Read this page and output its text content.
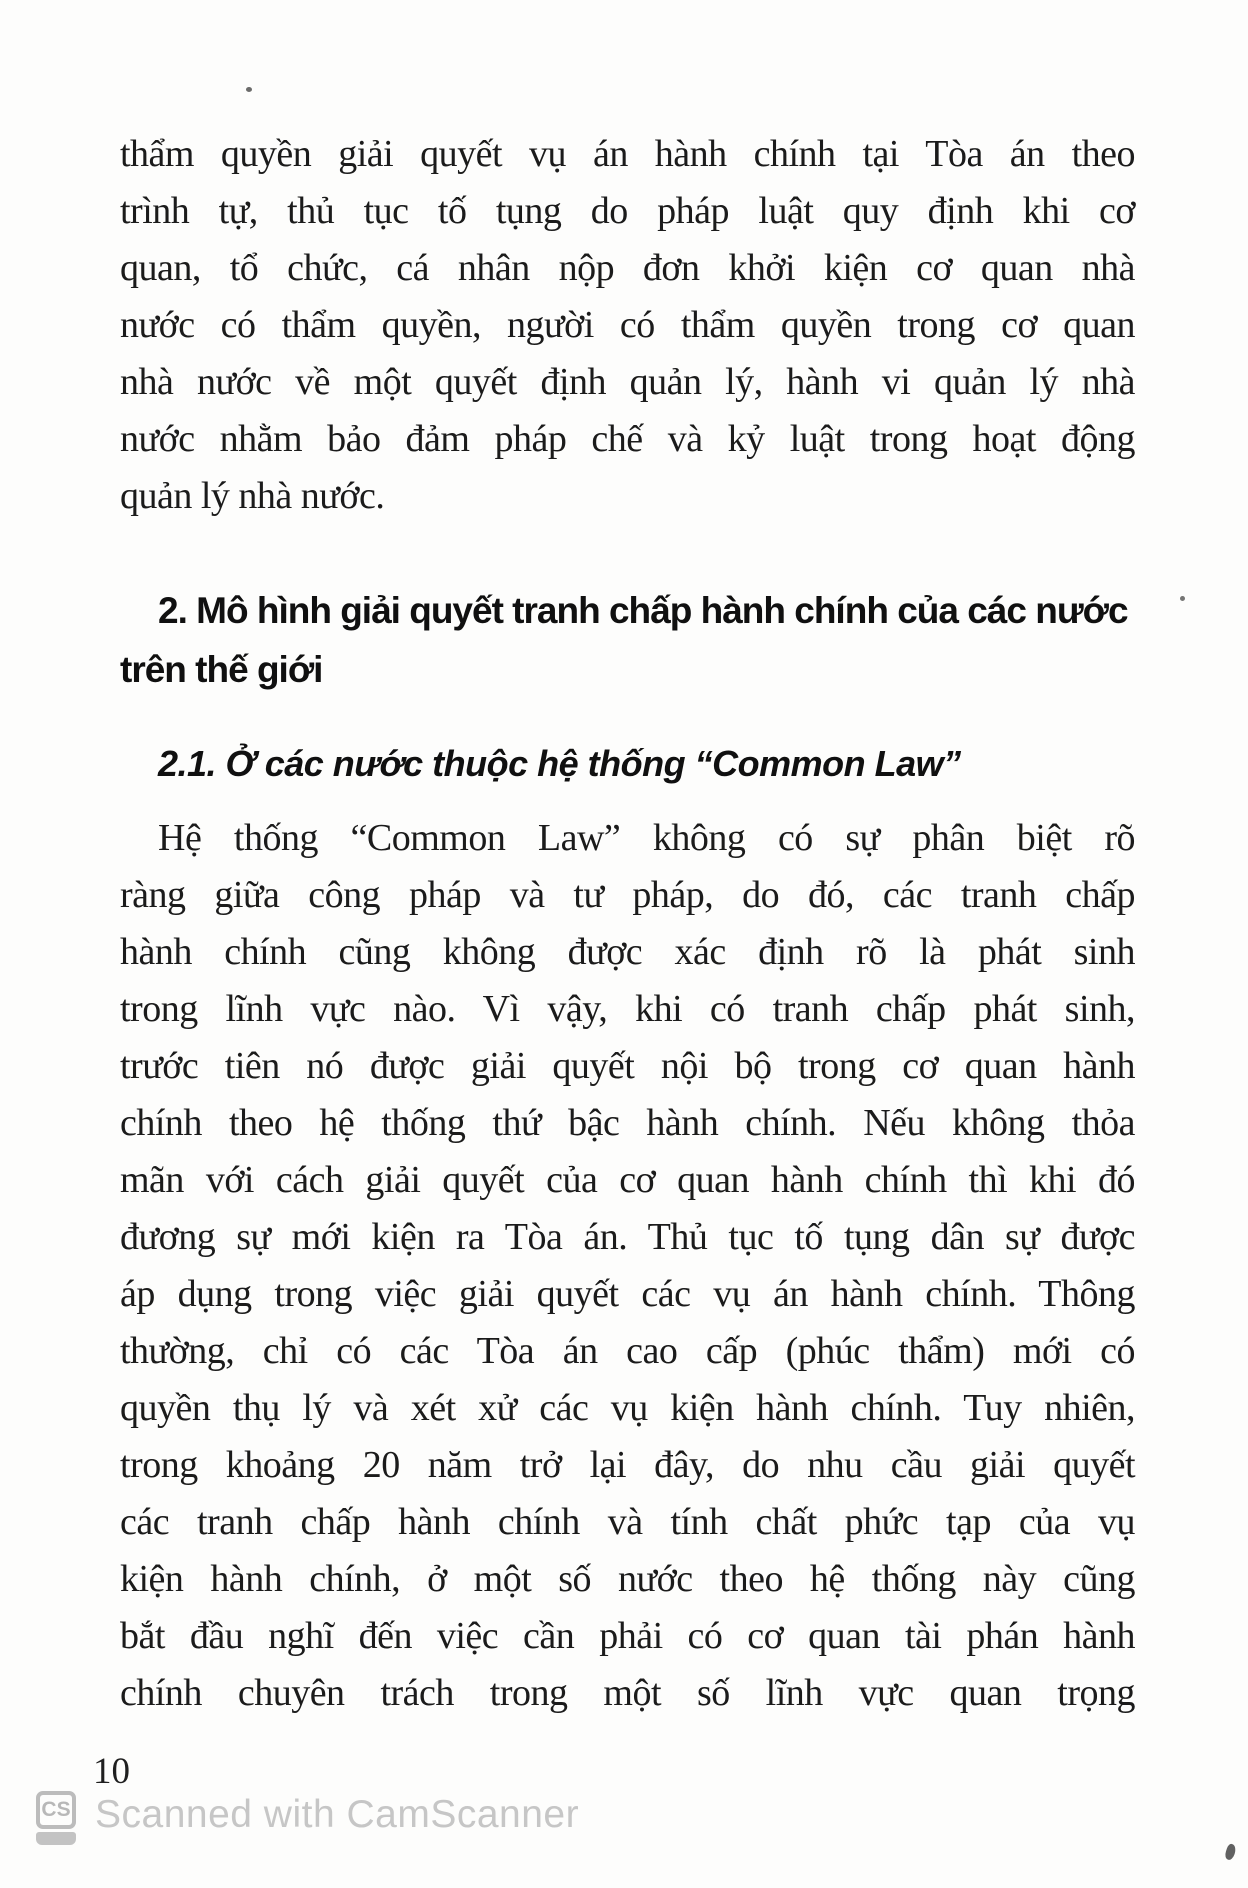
thẩm quyền giải quyết vụ án hành chính tại Tòa án theo
trình tự, thủ tục tố tụng do pháp luật quy định khi cơ
quan, tổ chức, cá nhân nộp đơn khởi kiện cơ quan nhà
nước có thẩm quyền, người có thẩm quyền trong cơ quan
nhà nước về một quyết định quản lý, hành vi quản lý nhà
nước nhằm bảo đảm pháp chế và kỷ luật trong hoạt động
quản lý nhà nước.
2. Mô hình giải quyết tranh chấp hành chính của các nước
trên thế giới
2.1. Ở các nước thuộc hệ thống “Common Law”
Hệ thống “Common Law” không có sự phân biệt rõ
ràng giữa công pháp và tư pháp, do đó, các tranh chấp
hành chính cũng không được xác định rõ là phát sinh
trong lĩnh vực nào. Vì vậy, khi có tranh chấp phát sinh,
trước tiên nó được giải quyết nội bộ trong cơ quan hành
chính theo hệ thống thứ bậc hành chính. Nếu không thỏa
mãn với cách giải quyết của cơ quan hành chính thì khi đó
đương sự mới kiện ra Tòa án. Thủ tục tố tụng dân sự được
áp dụng trong việc giải quyết các vụ án hành chính. Thông
thường, chỉ có các Tòa án cao cấp (phúc thẩm) mới có
quyền thụ lý và xét xử các vụ kiện hành chính. Tuy nhiên,
trong khoảng 20 năm trở lại đây, do nhu cầu giải quyết
các tranh chấp hành chính và tính chất phức tạp của vụ
kiện hành chính, ở một số nước theo hệ thống này cũng
bắt đầu nghĩ đến việc cần phải có cơ quan tài phán hành
chính chuyên trách trong một số lĩnh vực quan trọng
10
CS Scanned with CamScanner
